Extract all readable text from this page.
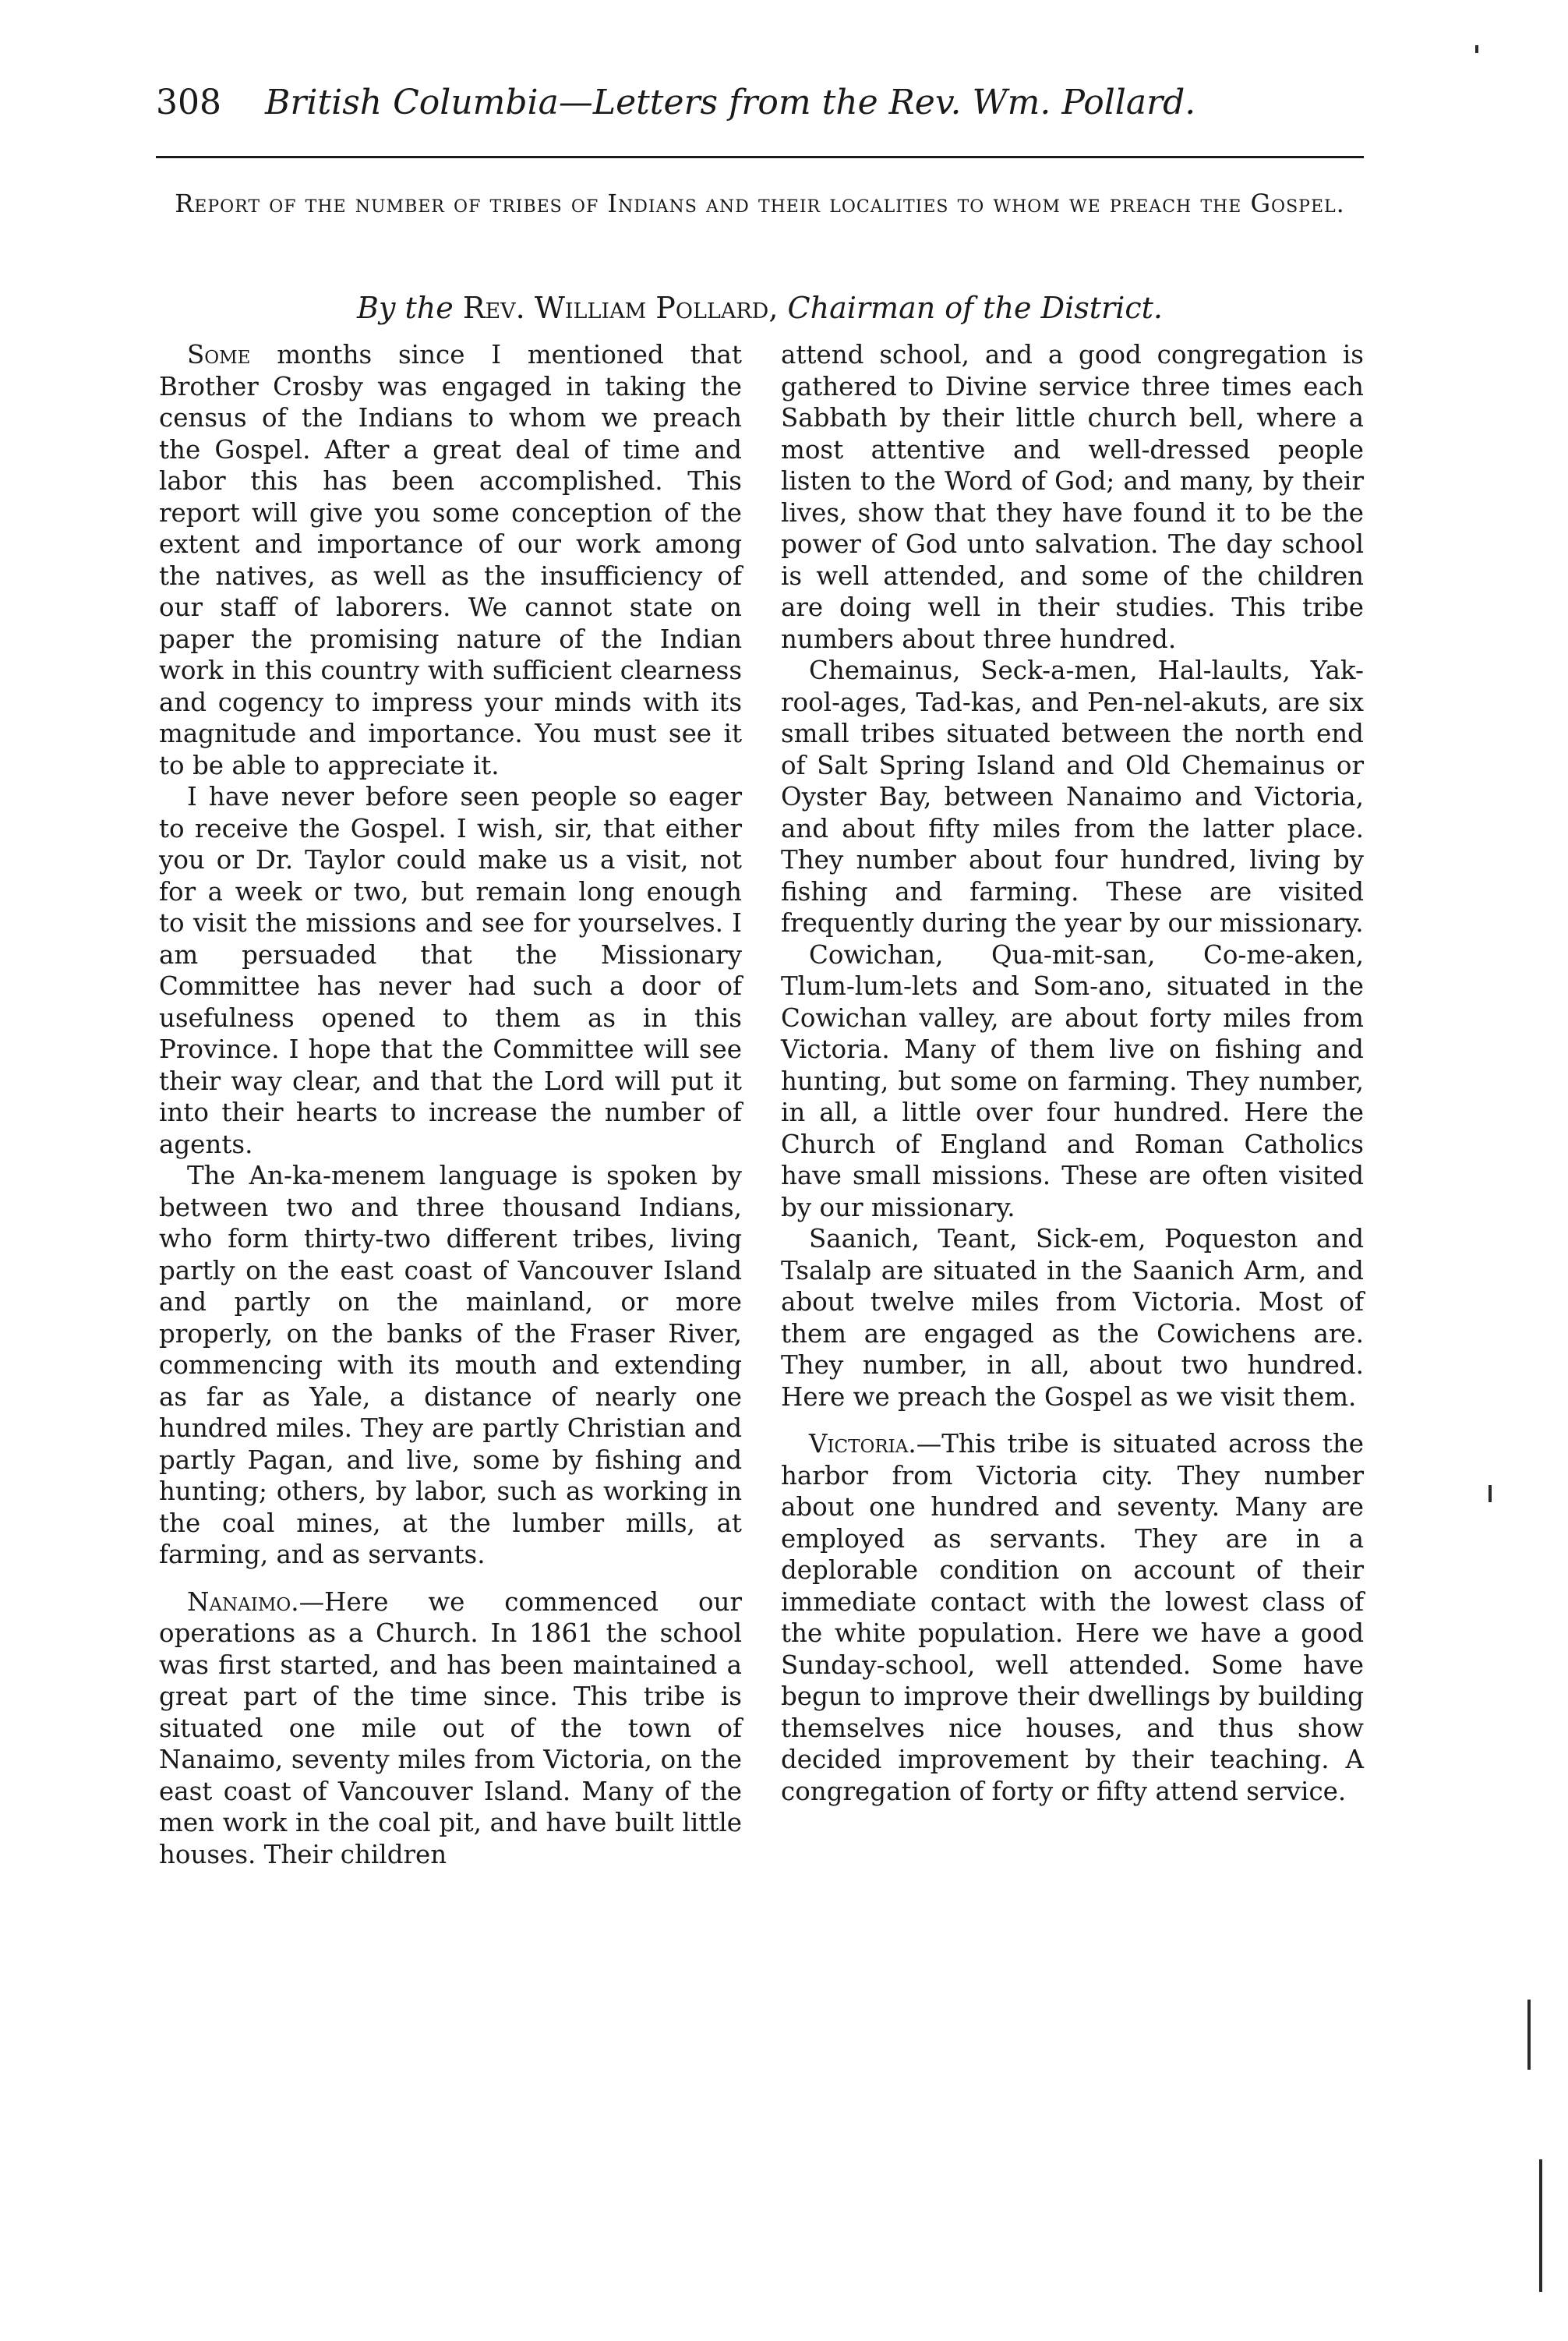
308 British Columbia—Letters from the Rev. Wm. Pollard.
Report of the number of tribes of Indians and their localities to whom we preach the Gospel.
By the Rev. William Pollard, Chairman of the District.

Some months since I mentioned that Brother Crosby was engaged in taking the census of the Indians to whom we preach the Gospel. After a great deal of time and labor this has been accomplished. This report will give you some conception of the extent and importance of our work among the natives, as well as the insufficiency of our staff of laborers. We cannot state on paper the promising nature of the Indian work in this country with sufficient clearness and cogency to impress your minds with its magnitude and importance. You must see it to be able to appreciate it.

I have never before seen people so eager to receive the Gospel. I wish, sir, that either you or Dr. Taylor could make us a visit, not for a week or two, but remain long enough to visit the missions and see for yourselves. I am persuaded that the Missionary Committee has never had such a door of usefulness opened to them as in this Province. I hope that the Committee will see their way clear, and that the Lord will put it into their hearts to increase the number of agents.

The An-ka-menem language is spoken by between two and three thousand Indians, who form thirty-two different tribes, living partly on the east coast of Vancouver Island and partly on the mainland, or more properly, on the banks of the Fraser River, commencing with its mouth and extending as far as Yale, a distance of nearly one hundred miles. They are partly Christian and partly Pagan, and live, some by fishing and hunting; others, by labor, such as working in the coal mines, at the lumber mills, at farming, and as servants.

Nanaimo.—Here we commenced our operations as a Church. In 1861 the school was first started, and has been maintained a great part of the time since. This tribe is situated one mile out of the town of Nanaimo, seventy miles from Victoria, on the east coast of Vancouver Island. Many of the men work in the coal pit, and have built little houses. Their children

attend school, and a good congregation is gathered to Divine service three times each Sabbath by their little church bell, where a most attentive and well-dressed people listen to the Word of God; and many, by their lives, show that they have found it to be the power of God unto salvation. The day school is well attended, and some of the children are doing well in their studies. This tribe numbers about three hundred.

Chemainus, Seck-a-men, Hal-laults, Yak-rool-ages, Tad-kas, and Pen-nel-akuts, are six small tribes situated between the north end of Salt Spring Island and Old Chemainus or Oyster Bay, between Nanaimo and Victoria, and about fifty miles from the latter place. They number about four hundred, living by fishing and farming. These are visited frequently during the year by our missionary.

Cowichan, Qua-mit-san, Co-me-aken, Tlum-lum-lets and Som-ano, situated in the Cowichan valley, are about forty miles from Victoria. Many of them live on fishing and hunting, but some on farming. They number, in all, a little over four hundred. Here the Church of England and Roman Catholics have small missions. These are often visited by our missionary.

Saanich, Teant, Sick-em, Poqueston and Tsalalp are situated in the Saanich Arm, and about twelve miles from Victoria. Most of them are engaged as the Cowichens are. They number, in all, about two hundred. Here we preach the Gospel as we visit them.

Victoria.—This tribe is situated across the harbor from Victoria city. They number about one hundred and seventy. Many are employed as servants. They are in a deplorable condition on account of their immediate contact with the lowest class of the white population. Here we have a good Sunday-school, well attended. Some have begun to improve their dwellings by building themselves nice houses, and thus show decided improvement by their teaching. A congregation of forty or fifty attend service.
